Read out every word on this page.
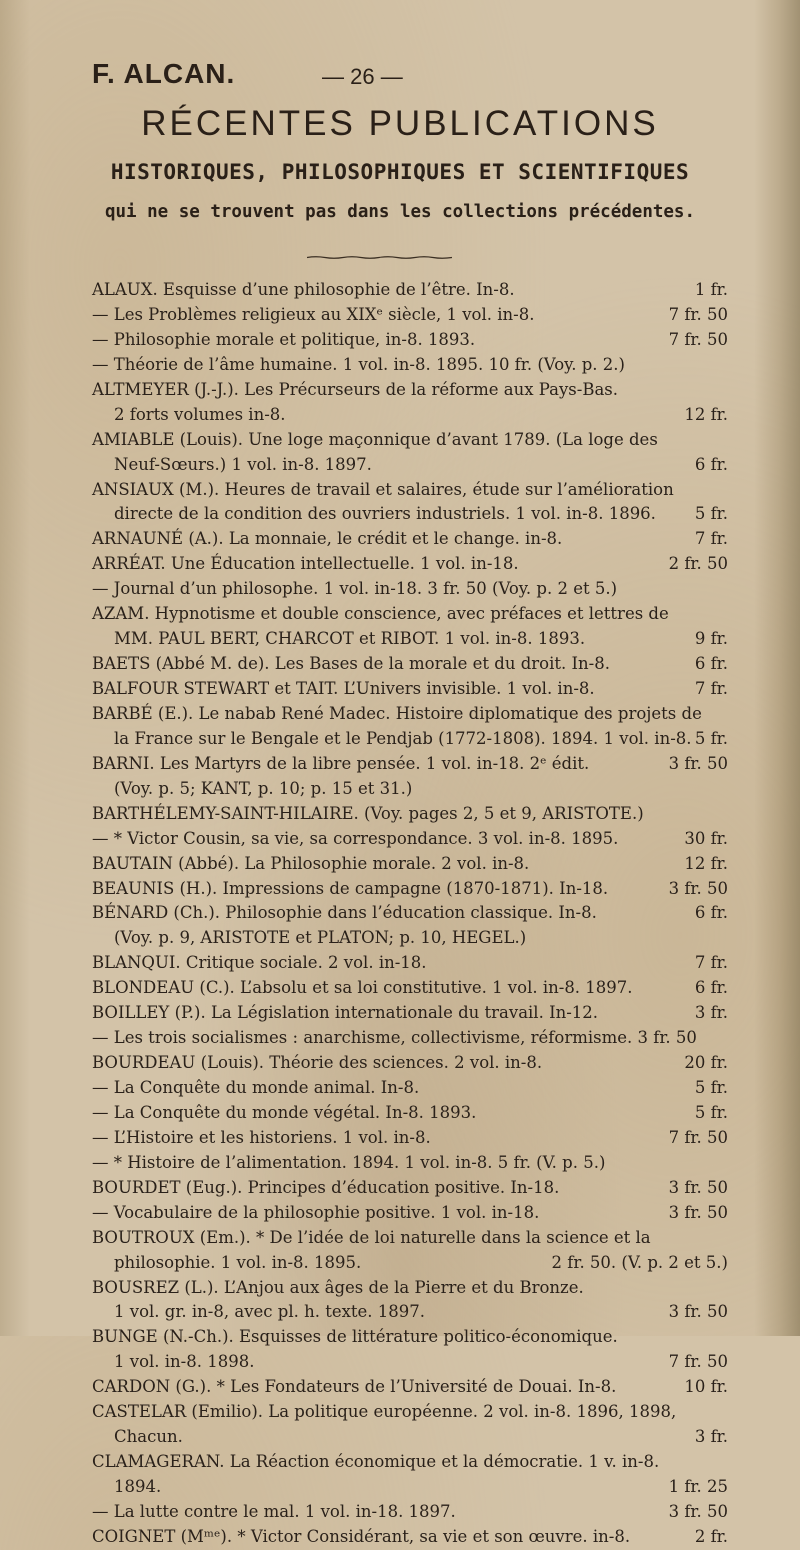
F. ALCAN.	— 26 —
RÉCENTES PUBLICATIONS
HISTORIQUES, PHILOSOPHIQUES ET SCIENTIFIQUES
qui ne se trouvent pas dans les collections précédentes.
ALAUX. Esquisse d’une philosophie de l’être. In-8.	1 fr.
— Les Problèmes religieux au XIXᵉ siècle, 1 vol. in-8.	7 fr. 50
— Philosophie morale et politique, in-8. 1893.	7 fr. 50
— Théorie de l’âme humaine. 1 vol. in-8. 1895. 10 fr. (Voy. p. 2.)
ALTMEYER (J.-J.). Les Précurseurs de la réforme aux Pays-Bas.
2 forts volumes in-8.	12 fr.
AMIABLE (Louis). Une loge maçonnique d’avant 1789. (La loge des
Neuf-Sœurs.) 1 vol. in-8. 1897.	6 fr.
ANSIAUX (M.). Heures de travail et salaires, étude sur l’amélioration
directe de la condition des ouvriers industriels. 1 vol. in-8. 1896. 5 fr.
ARNAUNÉ (A.). La monnaie, le crédit et le change. in-8.	7 fr.
ARRÉAT. Une Éducation intellectuelle. 1 vol. in-18.	2 fr. 50
— Journal d’un philosophe. 1 vol. in-18. 3 fr. 50 (Voy. p. 2 et 5.)
AZAM. Hypnotisme et double conscience, avec préfaces et lettres de
MM. PAUL BERT, CHARCOT et RIBOT. 1 vol. in-8. 1893.	9 fr.
BAETS (Abbé M. de). Les Bases de la morale et du droit. In-8.	6 fr.
BALFOUR STEWART et TAIT. L’Univers invisible. 1 vol. in-8.	7 fr.
BARBÉ (E.). Le nabab René Madec. Histoire diplomatique des projets de
la France sur le Bengale et le Pendjab (1772-1808). 1894. 1 vol. in-8. 5 fr.
BARNI. Les Martyrs de la libre pensée. 1 vol. in-18. 2ᵉ édit.	3 fr. 50
(Voy. p. 5; KANT, p. 10; p. 15 et 31.)
BARTHÉLEMY-SAINT-HILAIRE. (Voy. pages 2, 5 et 9, ARISTOTE.)
— * Victor Cousin, sa vie, sa correspondance. 3 vol. in-8. 1895.	30 fr.
BAUTAIN (Abbé). La Philosophie morale. 2 vol. in-8.	12 fr.
BEAUNIS (H.). Impressions de campagne (1870-1871). In-18.	3 fr. 50
BÉNARD (Ch.). Philosophie dans l’éducation classique. In-8.	6 fr.
(Voy. p. 9, ARISTOTE et PLATON; p. 10, HEGEL.)
BLANQUI. Critique sociale. 2 vol. in-18.	7 fr.
BLONDEAU (C.). L’absolu et sa loi constitutive. 1 vol. in-8. 1897.	6 fr.
BOILLEY (P.). La Législation internationale du travail. In-12.	3 fr.
— Les trois socialismes : anarchisme, collectivisme, réformisme. 3 fr. 50
BOURDEAU (Louis). Théorie des sciences. 2 vol. in-8.	20 fr.
— La Conquête du monde animal. In-8.	5 fr.
— La Conquête du monde végétal. In-8. 1893.	5 fr.
— L’Histoire et les historiens. 1 vol. in-8.	7 fr. 50
— * Histoire de l’alimentation. 1894. 1 vol. in-8. 5 fr. (V. p. 5.)
BOURDET (Eug.). Principes d’éducation positive. In-18.	3 fr. 50
— Vocabulaire de la philosophie positive. 1 vol. in-18.	3 fr. 50
BOUTROUX (Em.). * De l’idée de loi naturelle dans la science et la
philosophie. 1 vol. in-8. 1895.	2 fr. 50. (V. p. 2 et 5.)
BOUSREZ (L.). L’Anjou aux âges de la Pierre et du Bronze.
1 vol. gr. in-8, avec pl. h. texte. 1897.	3 fr. 50
BUNGE (N.-Ch.). Esquisses de littérature politico-économique.
1 vol. in-8. 1898.	7 fr. 50
CARDON (G.). * Les Fondateurs de l’Université de Douai. In-8.	10 fr.
CASTELAR (Emilio). La politique européenne. 2 vol. in-8. 1896, 1898,
Chacun.	3 fr.
CLAMAGERAN. La Réaction économique et la démocratie. 1 v. in-8.
1894.	1 fr. 25
— La lutte contre le mal. 1 vol. in-18. 1897.	3 fr. 50
COIGNET (Mᵐᵉ). * Victor Considérant, sa vie et son œuvre. in-8.	2 fr.
